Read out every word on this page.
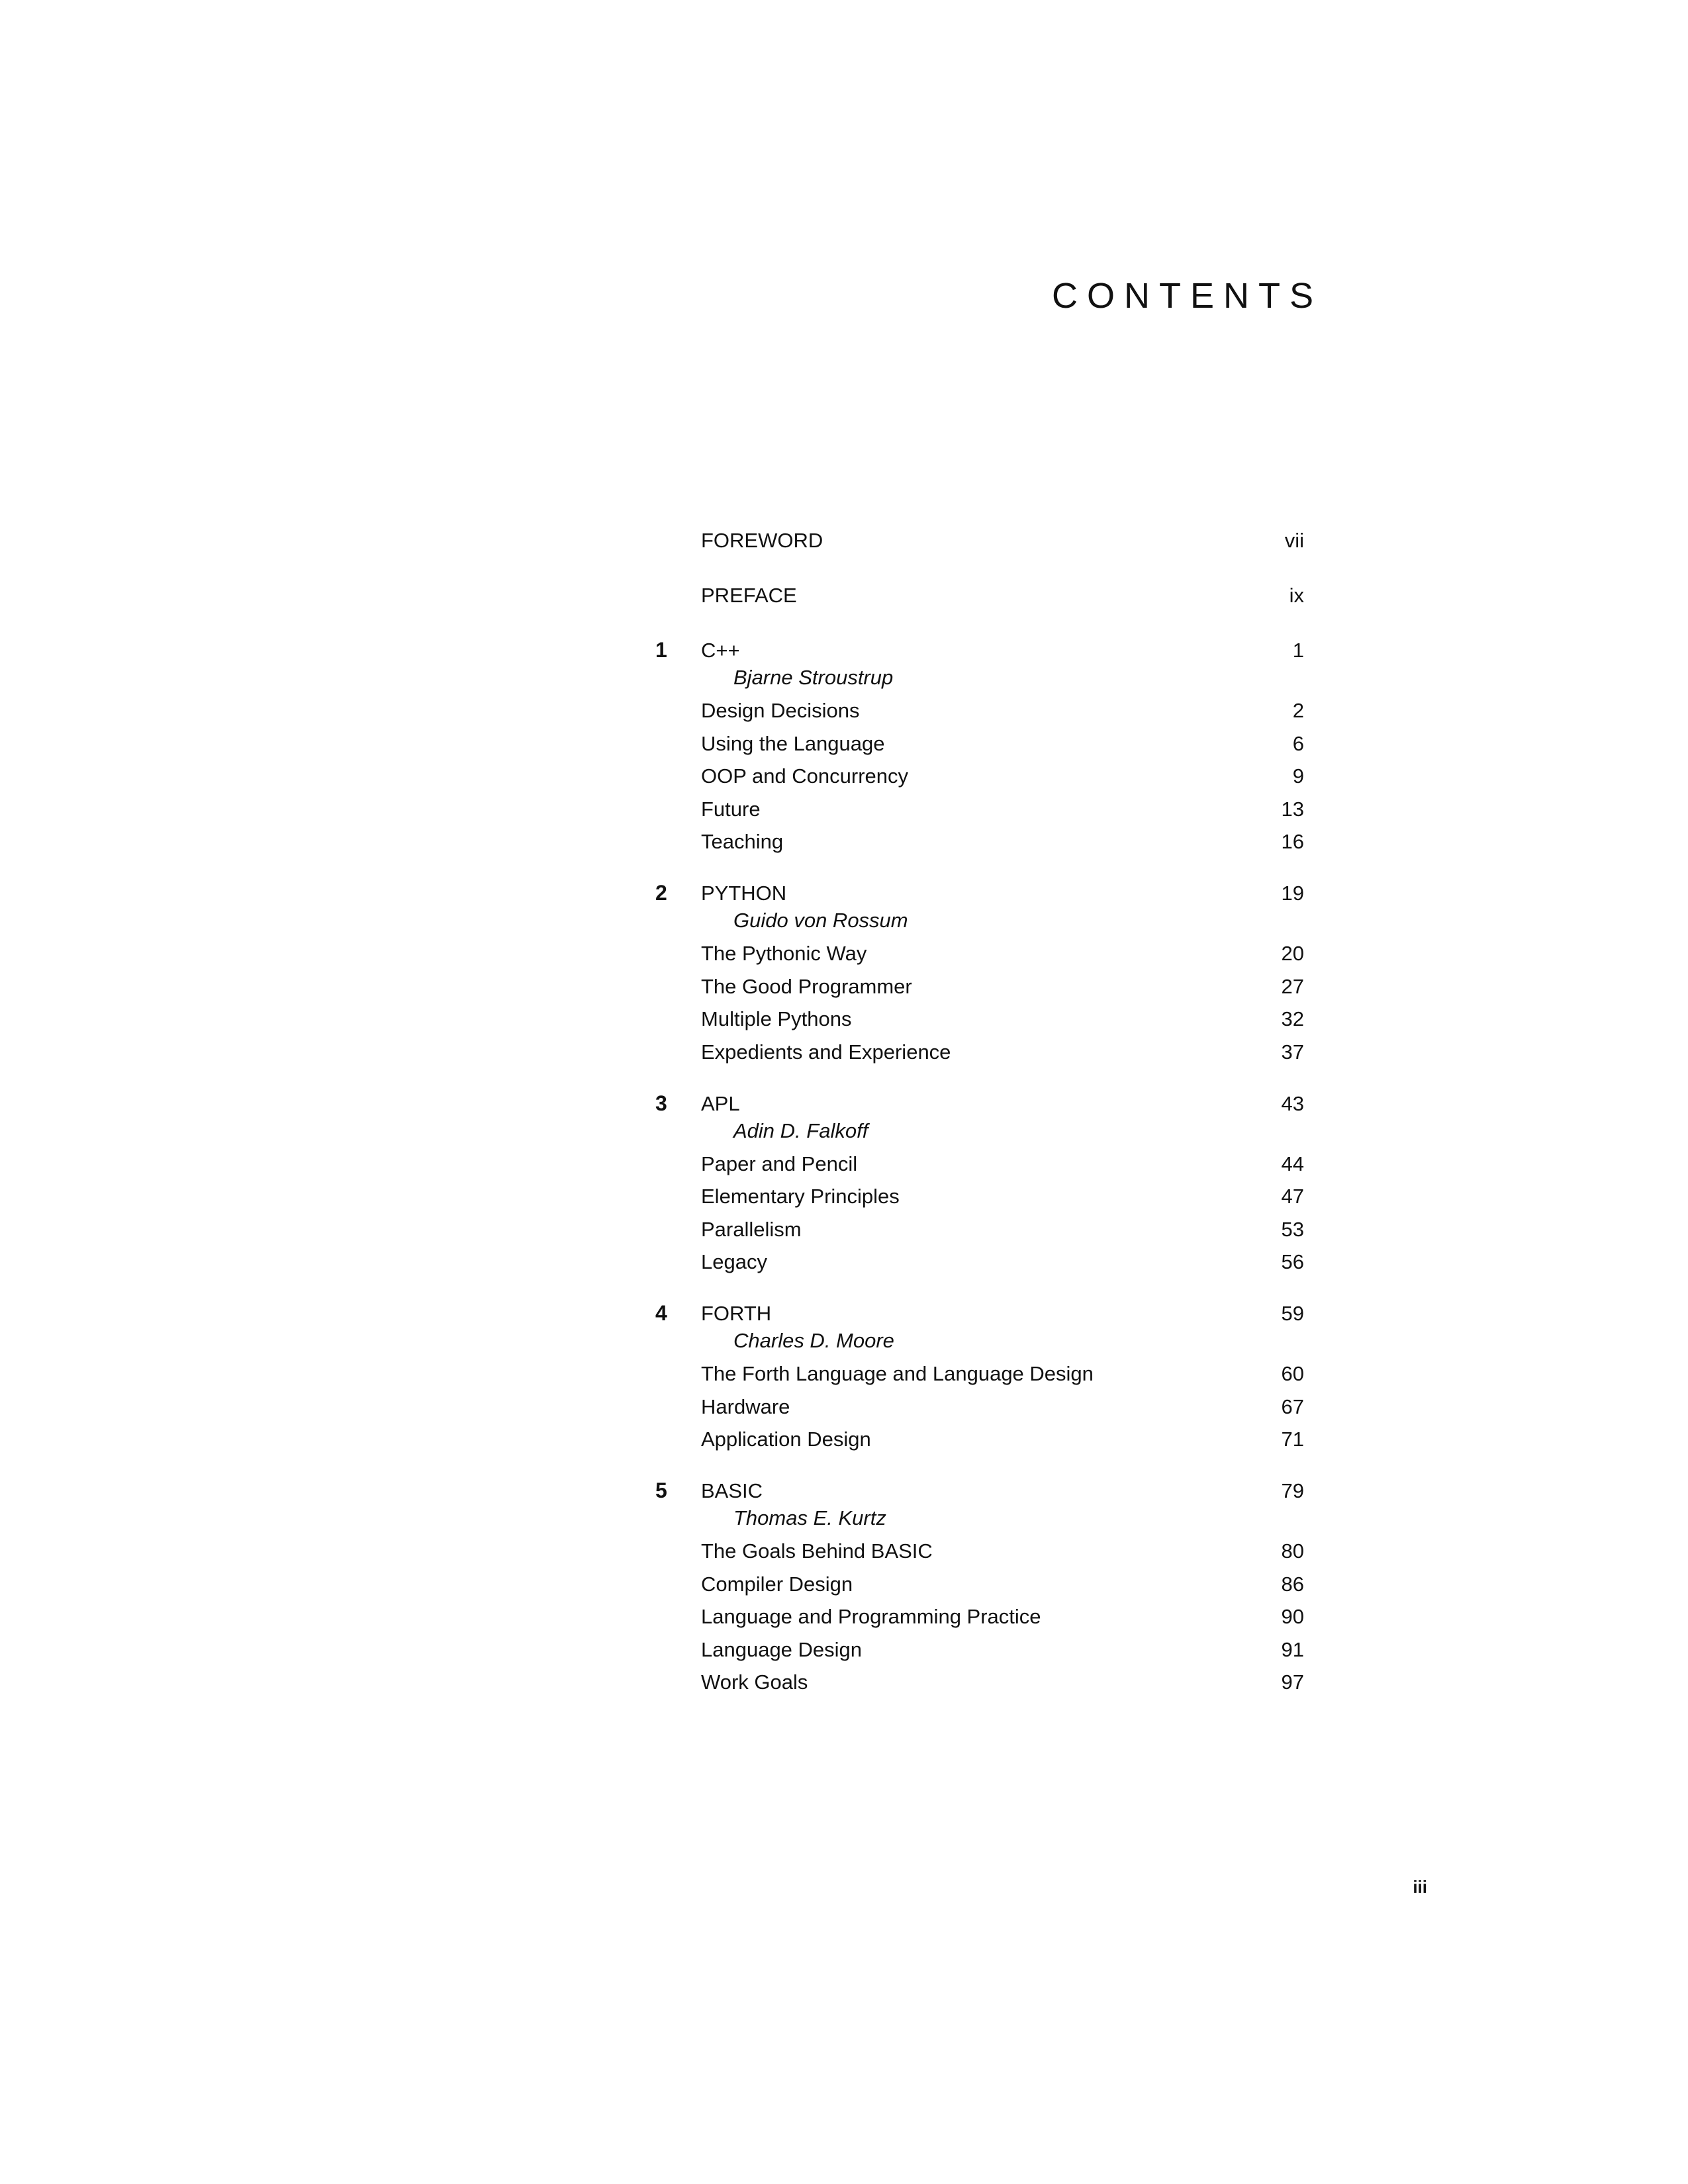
CONTENTS
FOREWORD	vii
PREFACE	ix
1 C++	1
Bjarne Stroustrup
Design Decisions	2
Using the Language	6
OOP and Concurrency	9
Future	13
Teaching	16
2 PYTHON	19
Guido von Rossum
The Pythonic Way	20
The Good Programmer	27
Multiple Pythons	32
Expedients and Experience	37
3 APL	43
Adin D. Falkoff
Paper and Pencil	44
Elementary Principles	47
Parallelism	53
Legacy	56
4 FORTH	59
Charles D. Moore
The Forth Language and Language Design	60
Hardware	67
Application Design	71
5 BASIC	79
Thomas E. Kurtz
The Goals Behind BASIC	80
Compiler Design	86
Language and Programming Practice	90
Language Design	91
Work Goals	97
iii
